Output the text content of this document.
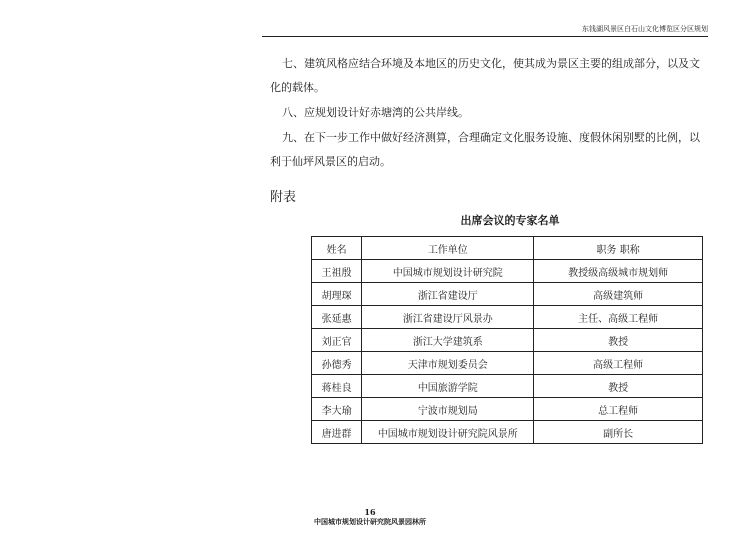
东钱湖风景区白石山文化博览区分区规划
七、建筑风格应结合环境及本地区的历史文化，使其成为景区主要的组成部分，以及文
化的载体。
八、应规划设计好赤塘湾的公共岸线。
九、在下一步工作中做好经济测算，合理确定文化服务设施、度假休闲别墅的比例，以
利于仙坪风景区的启动。
附表
出席会议的专家名单
姓名	工作单位	职务 职称
王祖殷	中国城市规划设计研究院	教授级高级城市规划师
胡理琛	浙江省建设厅	高级建筑师
张延惠	浙江省建设厅风景办	主任、高级工程师
刘正官	浙江大学建筑系	教授
孙德秀	天津市规划委员会	高级工程师
蒋桂良	中国旅游学院	教授
李大瑜	宁波市规划局	总工程师
唐进群	中国城市规划设计研究院风景所	副所长
16
中国城市规划设计研究院风景园林所
